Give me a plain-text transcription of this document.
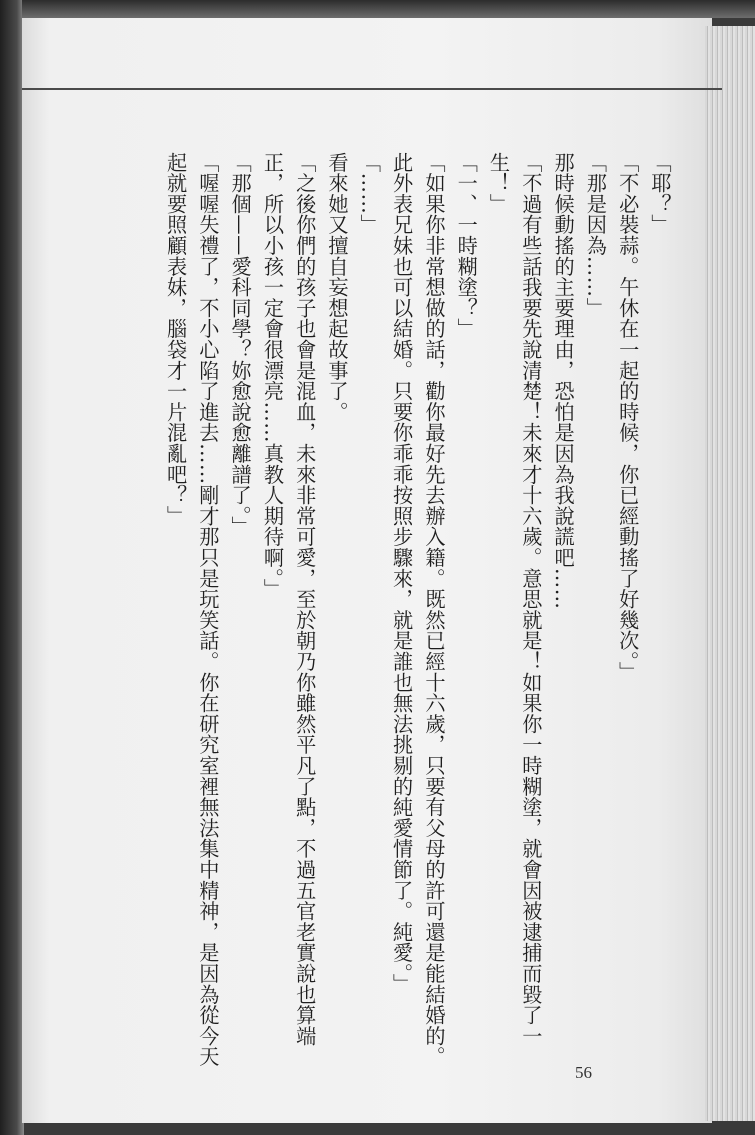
「耶？」

「不必裝蒜。午休在一起的時候，你已經動搖了好幾次。」

「那是因為……」

那時候動搖的主要理由，恐怕是因為我說謊吧……

「不過有些話我要先說清楚！未來才十六歲。意思就是！如果你一時糊塗，就會因被逮捕而毀了一生！」

「一、一時糊塗？」

「如果你非常想做的話，勸你最好先去辦入籍。既然已經十六歲，只要有父母的許可還是能結婚的。此外表兄妹也可以結婚。只要你乖乖按照步驟來，就是誰也無法挑剔的純愛情節了。純愛。」

「……」

看來她又擅自妄想起故事了。

「之後你們的孩子也會是混血，未來非常可愛，至於朝乃你雖然平凡了點，不過五官老實說也算端正，所以小孩一定會很漂亮……真教人期待啊。」

「那個——愛科同學？妳愈說愈離譜了。」

「喔喔失禮了，不小心陷了進去……剛才那只是玩笑話。你在研究室裡無法集中精神，是因為從今天起就要照顧表妹，腦袋才一片混亂吧？」

56
